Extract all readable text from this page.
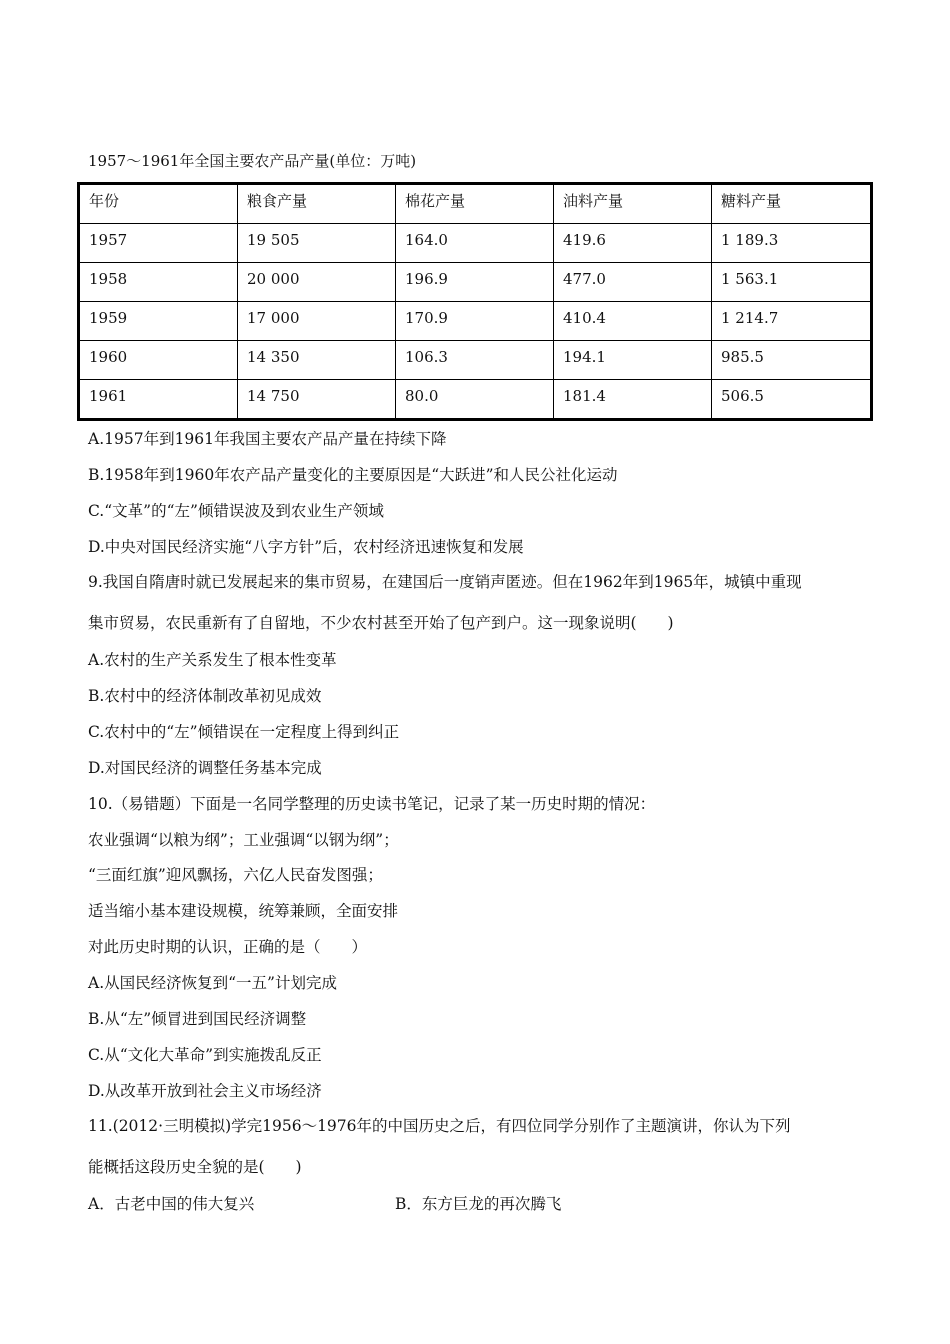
1957～1961年全国主要农产品产量(单位：万吨)
年份	粮食产量	棉花产量	油料产量	糖料产量
1957	19 505	164.0	419.6	1 189.3
1958	20 000	196.9	477.0	1 563.1
1959	17 000	170.9	410.4	1 214.7
1960	14 350	106.3	194.1	985.5
1961	14 750	80.0	181.4	506.5
A.1957年到1961年我国主要农产品产量在持续下降
B.1958年到1960年农产品产量变化的主要原因是“大跃进”和人民公社化运动
C.“文革”的“左”倾错误波及到农业生产领域
D.中央对国民经济实施“八字方针”后，农村经济迅速恢复和发展
9.我国自隋唐时就已发展起来的集市贸易，在建国后一度销声匿迹。但在1962年到1965年，城镇中重现
集市贸易，农民重新有了自留地，不少农村甚至开始了包产到户。这一现象说明(　　)
A.农村的生产关系发生了根本性变革
B.农村中的经济体制改革初见成效
C.农村中的“左”倾错误在一定程度上得到纠正
D.对国民经济的调整任务基本完成
10.（易错题）下面是一名同学整理的历史读书笔记，记录了某一历史时期的情况：
农业强调“以粮为纲”；工业强调“以钢为纲”；
“三面红旗”迎风飘扬，六亿人民奋发图强；
适当缩小基本建设规模，统筹兼顾，全面安排
对此历史时期的认识，正确的是（　　）
A.从国民经济恢复到“一五”计划完成
B.从“左”倾冒进到国民经济调整
C.从“文化大革命”到实施拨乱反正
D.从改革开放到社会主义市场经济
11.(2012·三明模拟)学完1956～1976年的中国历史之后，有四位同学分别作了主题演讲，你认为下列
能概括这段历史全貌的是(　　)
A．古老中国的伟大复兴	B．东方巨龙的再次腾飞
